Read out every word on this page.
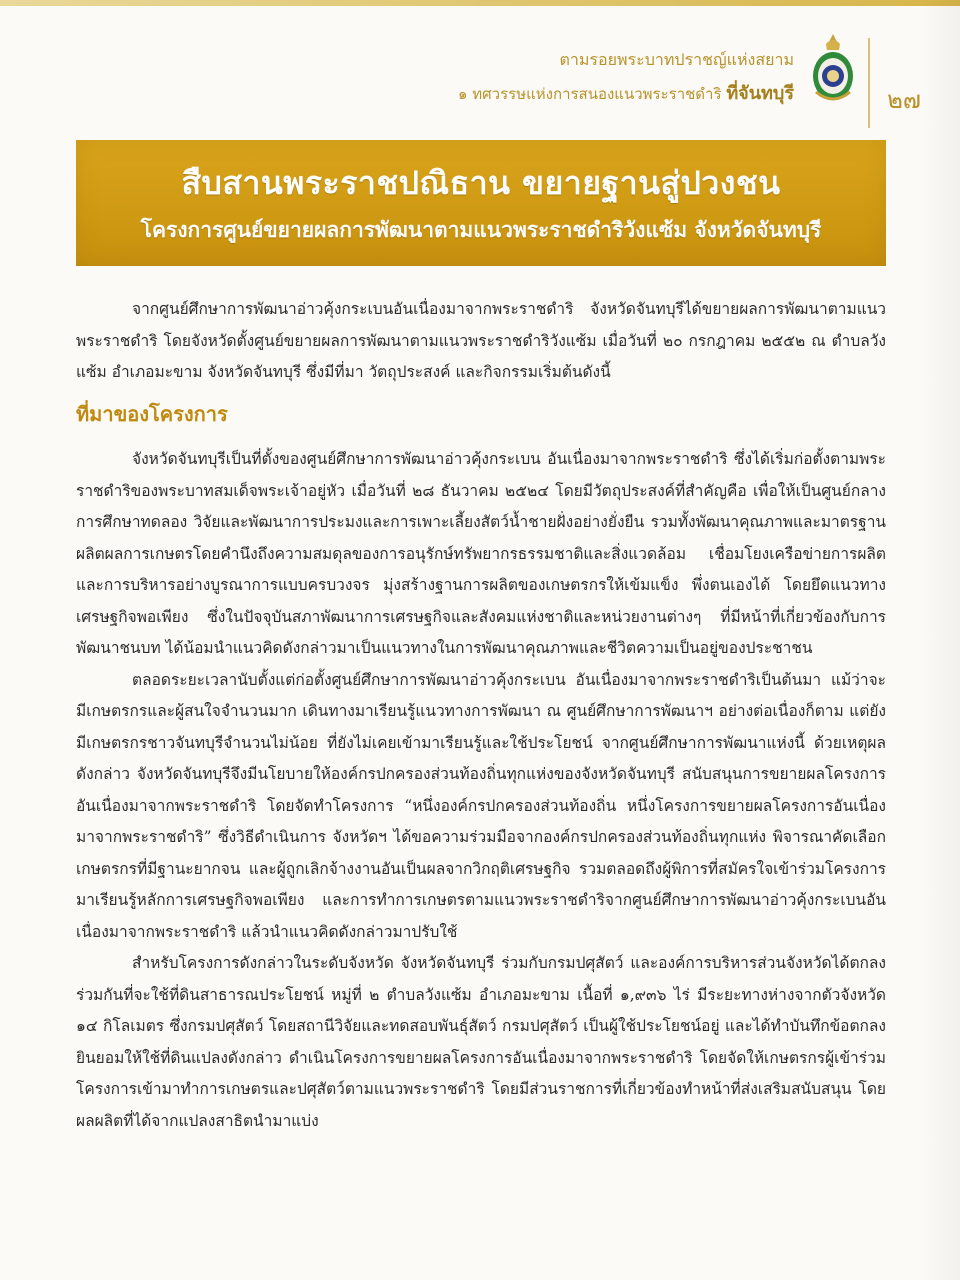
ตามรอยพระบาทปราชญ์แห่งสยาม
๑ ทศวรรษแห่งการสนองแนวพระราชดำริ ที่จันทบุรี	๒๗
สืบสานพระราชปณิธาน ขยายฐานสู่ปวงชน
โครงการศูนย์ขยายผลการพัฒนาตามแนวพระราชดำริวังแซ้ม จังหวัดจันทบุรี

จากศูนย์ศึกษาการพัฒนาอ่าวคุ้งกระเบนอันเนื่องมาจากพระราชดำริ จังหวัดจันทบุรีได้ขยายผลการพัฒนาตามแนวพระราชดำริ โดยจังหวัดตั้งศูนย์ขยายผลการพัฒนาตามแนวพระราชดำริวังแซ้ม เมื่อวันที่ ๒๐ กรกฎาคม ๒๕๕๒ ณ ตำบลวังแซ้ม อำเภอมะขาม จังหวัดจันทบุรี ซึ่งมีที่มา วัตถุประสงค์ และกิจกรรมเริ่มต้นดังนี้

ที่มาของโครงการ

จังหวัดจันทบุรีเป็นที่ตั้งของศูนย์ศึกษาการพัฒนาอ่าวคุ้งกระเบน อันเนื่องมาจากพระราชดำริ ซึ่งได้เริ่มก่อตั้งตามพระราชดำริของพระบาทสมเด็จพระเจ้าอยู่หัว เมื่อวันที่ ๒๘ ธันวาคม ๒๕๒๔ โดยมีวัตถุประสงค์ที่สำคัญคือ เพื่อให้เป็นศูนย์กลางการศึกษาทดลอง วิจัยและพัฒนาการประมงและการเพาะเลี้ยงสัตว์น้ำชายฝั่งอย่างยั่งยืน รวมทั้งพัฒนาคุณภาพและมาตรฐานผลิตผลการเกษตรโดยคำนึงถึงความสมดุลของการอนุรักษ์ทรัพยากรธรรมชาติและสิ่งแวดล้อม เชื่อมโยงเครือข่ายการผลิตและการบริหารอย่างบูรณาการแบบครบวงจร มุ่งสร้างฐานการผลิตของเกษตรกรให้เข้มแข็ง พึ่งตนเองได้ โดยยึดแนวทางเศรษฐกิจพอเพียง ซึ่งในปัจจุบันสภาพัฒนาการเศรษฐกิจและสังคมแห่งชาติและหน่วยงานต่างๆ ที่มีหน้าที่เกี่ยวข้องกับการพัฒนาชนบท ได้น้อมนำแนวคิดดังกล่าวมาเป็นแนวทางในการพัฒนาคุณภาพและชีวิตความเป็นอยู่ของประชาชน

ตลอดระยะเวลานับตั้งแต่ก่อตั้งศูนย์ศึกษาการพัฒนาอ่าวคุ้งกระเบน อันเนื่องมาจากพระราชดำริเป็นต้นมา แม้ว่าจะมีเกษตรกรและผู้สนใจจำนวนมาก เดินทางมาเรียนรู้แนวทางการพัฒนา ณ ศูนย์ศึกษาการพัฒนาฯ อย่างต่อเนื่องก็ตาม แต่ยังมีเกษตรกรชาวจันทบุรีจำนวนไม่น้อย ที่ยังไม่เคยเข้ามาเรียนรู้และใช้ประโยชน์ จากศูนย์ศึกษาการพัฒนาแห่งนี้ ด้วยเหตุผลดังกล่าว จังหวัดจันทบุรีจึงมีนโยบายให้องค์กรปกครองส่วนท้องถิ่นทุกแห่งของจังหวัดจันทบุรี สนับสนุนการขยายผลโครงการอันเนื่องมาจากพระราชดำริ โดยจัดทำโครงการ “หนึ่งองค์กรปกครองส่วนท้องถิ่น หนึ่งโครงการขยายผลโครงการอันเนื่องมาจากพระราชดำริ” ซึ่งวิธีดำเนินการ จังหวัดฯ ได้ขอความร่วมมือจากองค์กรปกครองส่วนท้องถิ่นทุกแห่ง พิจารณาคัดเลือกเกษตรกรที่มีฐานะยากจน และผู้ถูกเลิกจ้างงานอันเป็นผลจากวิกฤติเศรษฐกิจ รวมตลอดถึงผู้พิการที่สมัครใจเข้าร่วมโครงการ มาเรียนรู้หลักการเศรษฐกิจพอเพียง และการทำการเกษตรตามแนวพระราชดำริจากศูนย์ศึกษาการพัฒนาอ่าวคุ้งกระเบนอันเนื่องมาจากพระราชดำริ แล้วนำแนวคิดดังกล่าวมาปรับใช้

สำหรับโครงการดังกล่าวในระดับจังหวัด จังหวัดจันทบุรี ร่วมกับกรมปศุสัตว์ และองค์การบริหารส่วนจังหวัดได้ตกลงร่วมกันที่จะใช้ที่ดินสาธารณประโยชน์ หมู่ที่ ๒ ตำบลวังแซ้ม อำเภอมะขาม เนื้อที่ ๑,๙๓๖ ไร่ มีระยะทางห่างจากตัวจังหวัด ๑๔ กิโลเมตร ซึ่งกรมปศุสัตว์ โดยสถานีวิจัยและทดสอบพันธุ์สัตว์ กรมปศุสัตว์ เป็นผู้ใช้ประโยชน์อยู่ และได้ทำบันทึกข้อตกลงยินยอมให้ใช้ที่ดินแปลงดังกล่าว ดำเนินโครงการขยายผลโครงการอันเนื่องมาจากพระราชดำริ โดยจัดให้เกษตรกรผู้เข้าร่วมโครงการเข้ามาทำการเกษตรและปศุสัตว์ตามแนวพระราชดำริ โดยมีส่วนราชการที่เกี่ยวข้องทำหน้าที่ส่งเสริมสนับสนุน โดยผลผลิตที่ได้จากแปลงสาธิตนำมาแบ่ง
